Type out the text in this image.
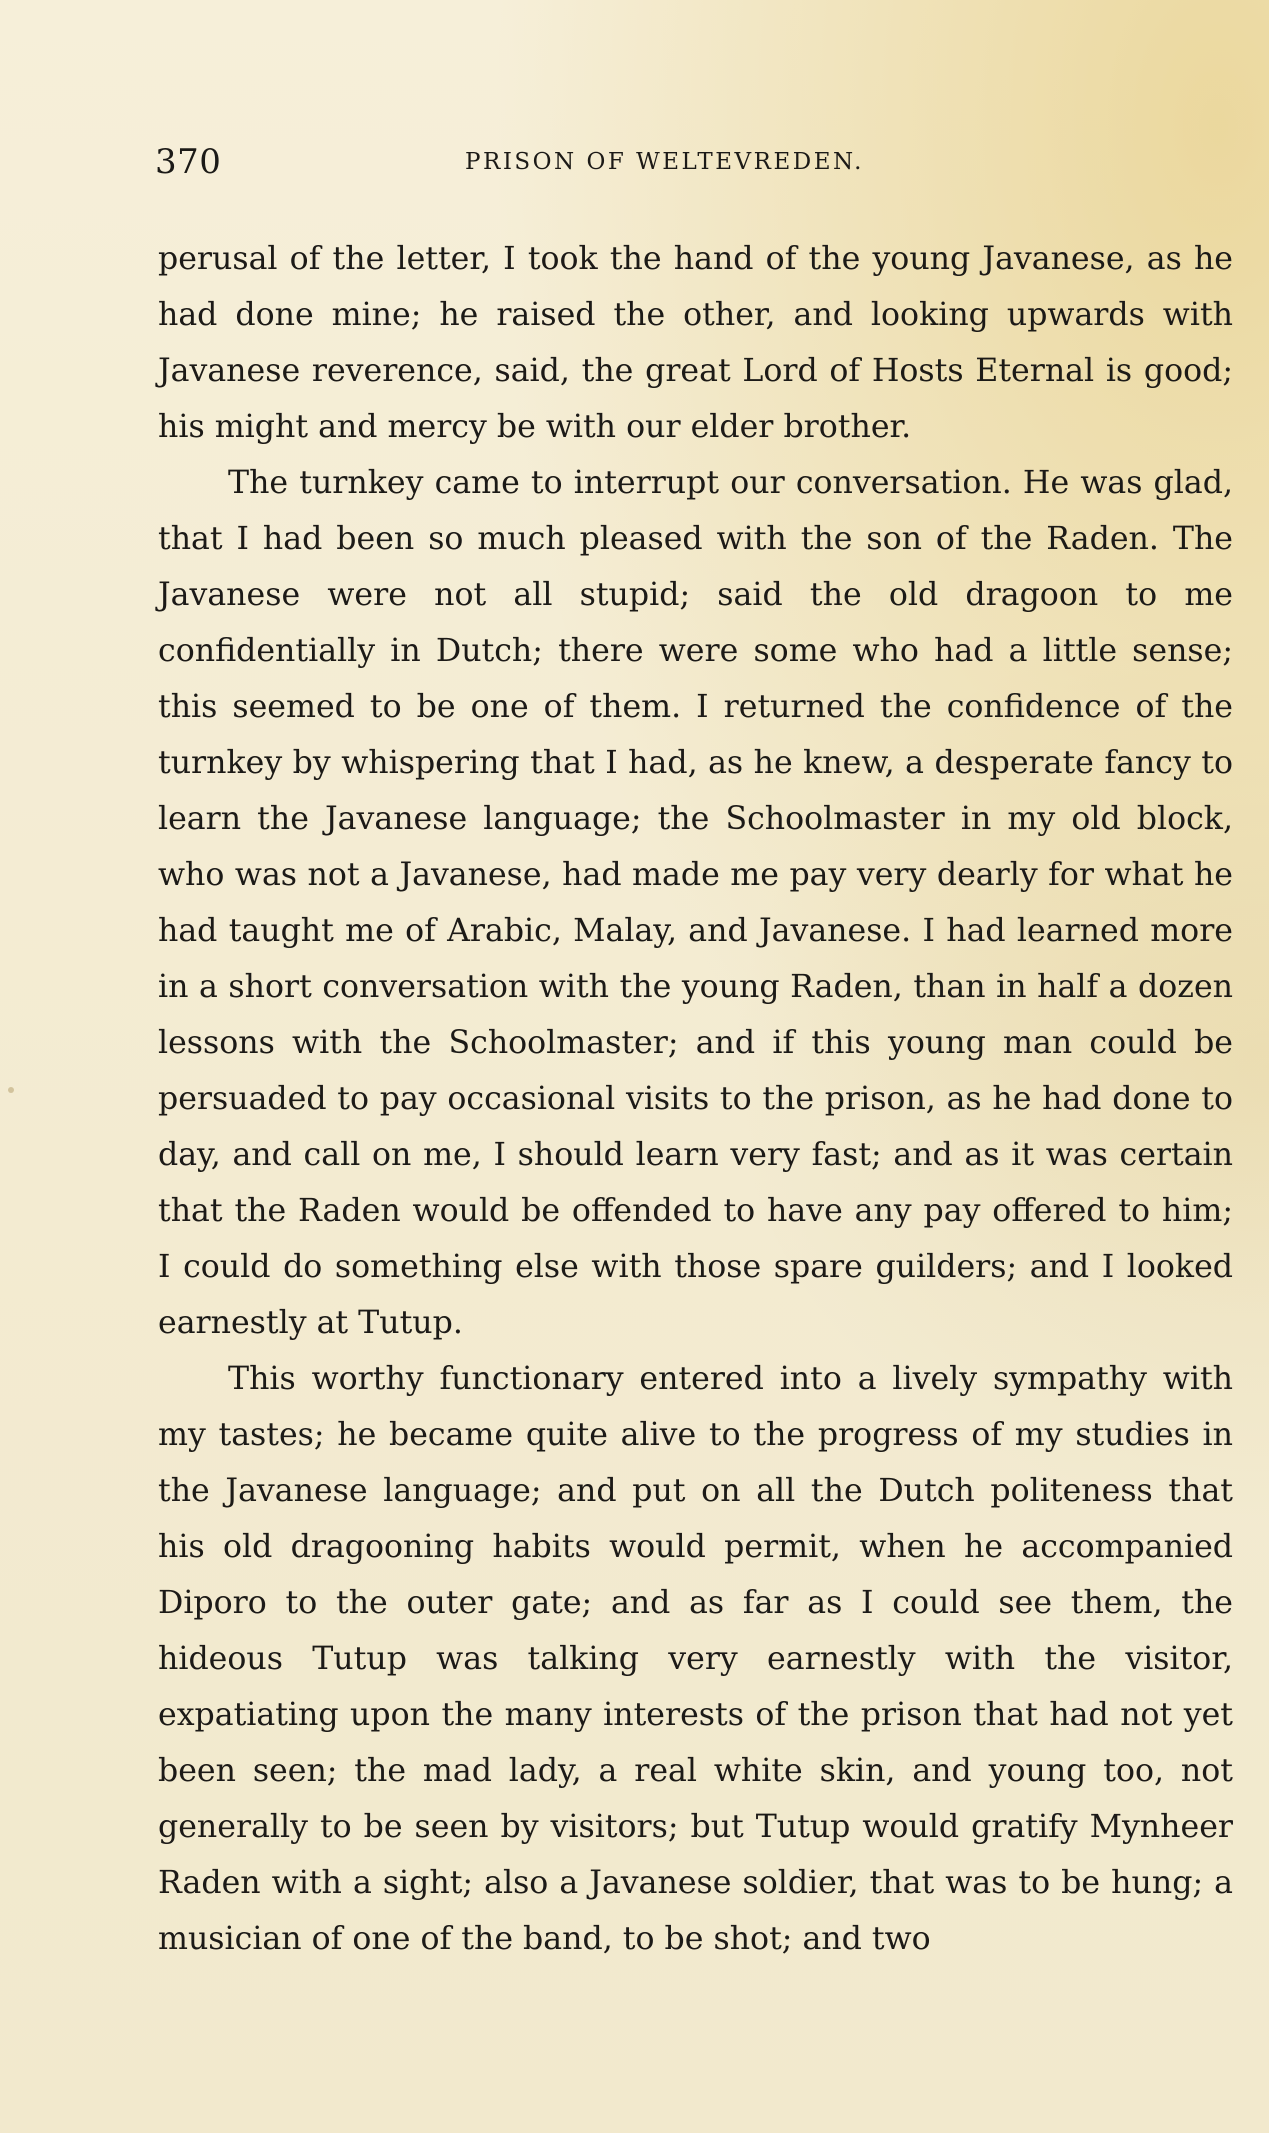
370	PRISON OF WELTEVREDEN.

perusal of the letter, I took the hand of the young Javanese, as he had done mine; he raised the other, and looking upwards with Javanese reverence, said, the great Lord of Hosts Eternal is good; his might and mercy be with our elder brother.

The turnkey came to interrupt our conversation. He was glad, that I had been so much pleased with the son of the Raden. The Javanese were not all stupid; said the old dragoon to me confidentially in Dutch; there were some who had a little sense; this seemed to be one of them. I returned the confidence of the turnkey by whispering that I had, as he knew, a desperate fancy to learn the Javanese language; the Schoolmaster in my old block, who was not a Javanese, had made me pay very dearly for what he had taught me of Arabic, Malay, and Javanese. I had learned more in a short conversation with the young Raden, than in half a dozen lessons with the Schoolmaster; and if this young man could be persuaded to pay occasional visits to the prison, as he had done to day, and call on me, I should learn very fast; and as it was certain that the Raden would be offended to have any pay offered to him; I could do something else with those spare guilders; and I looked earnestly at Tutup.

This worthy functionary entered into a lively sympathy with my tastes; he became quite alive to the progress of my studies in the Javanese language; and put on all the Dutch politeness that his old dragooning habits would permit, when he accompanied Diporo to the outer gate; and as far as I could see them, the hideous Tutup was talking very earnestly with the visitor, expatiating upon the many interests of the prison that had not yet been seen; the mad lady, a real white skin, and young too, not generally to be seen by visitors; but Tutup would gratify Mynheer Raden with a sight; also a Javanese soldier, that was to be hung; a musician of one of the band, to be shot; and two
